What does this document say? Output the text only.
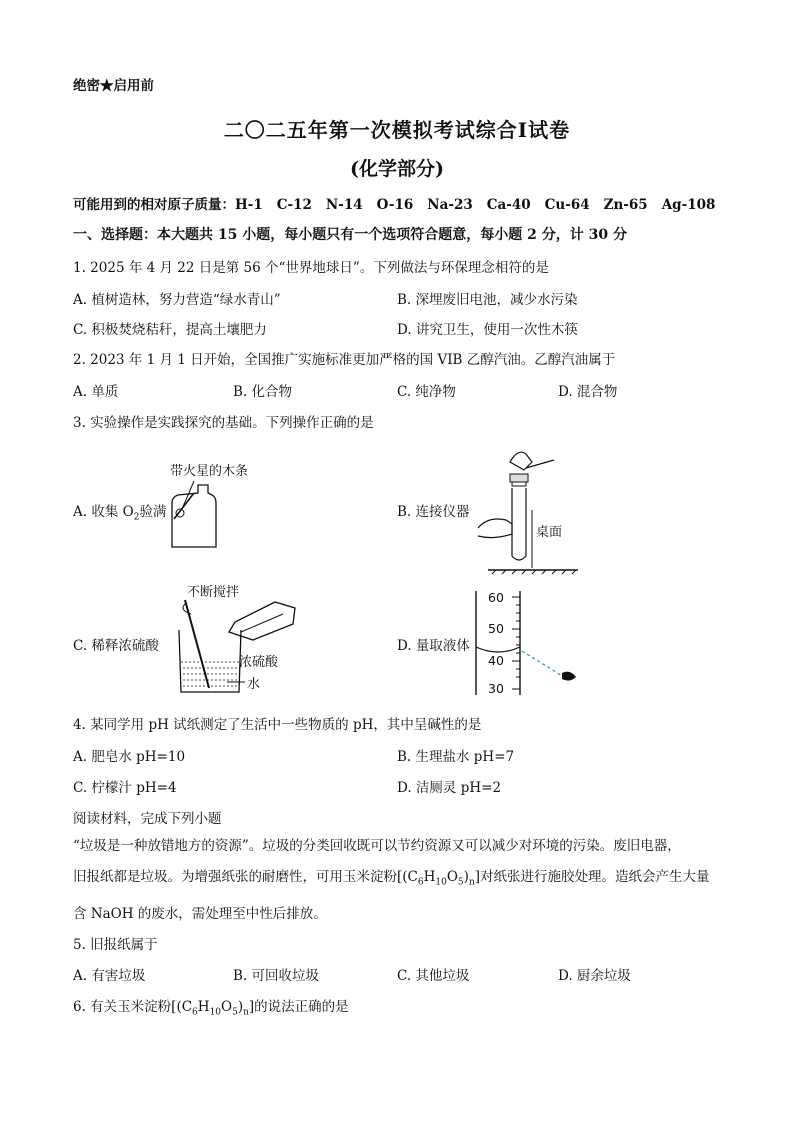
绝密★启用前
二〇二五年第一次模拟考试综合Ⅰ试卷
(化学部分)
可能用到的相对原子质量：H-1 C-12 N-14 O-16 Na-23 Ca-40 Cu-64 Zn-65 Ag-108
一、选择题：本大题共 15 小题，每小题只有一个选项符合题意，每小题 2 分，计 30 分
1. 2025 年 4 月 22 日是第 56 个“世界地球日”。下列做法与环保理念相符的是
A. 植树造林，努力营造“绿水青山”	B. 深埋废旧电池，减少水污染
C. 积极焚烧秸秆，提高土壤肥力	D. 讲究卫生，使用一次性木筷
2. 2023 年 1 月 1 日开始，全国推广实施标准更加严格的国 VIB 乙醇汽油。乙醇汽油属于
A. 单质	B. 化合物	C. 纯净物	D. 混合物
3. 实验操作是实践探究的基础。下列操作正确的是
A. 收集 $O_2$验满
带火星的木条
B. 连接仪器
桌面
C. 稀释浓硫酸
不断搅拌
浓硫酸
水
D. 量取液体
60
50
40
30
4. 某同学用 pH 试纸测定了生活中一些物质的 pH，其中呈碱性的是
A. 肥皂水 pH=10	B. 生理盐水 pH=7
C. 柠檬汁 pH=4	D. 洁厕灵 pH=2
阅读材料，完成下列小题
“垃圾是一种放错地方的资源”。垃圾的分类回收既可以节约资源又可以减少对环境的污染。废旧电器，
旧报纸都是垃圾。为增强纸张的耐磨性，可用玉米淀粉$[(C_6H_{10}O_5)_n]$对纸张进行施胶处理。造纸会产生大量
含 NaOH 的废水，需处理至中性后排放。
5. 旧报纸属于
A. 有害垃圾	B. 可回收垃圾	C. 其他垃圾	D. 厨余垃圾
6. 有关玉米淀粉$[(C_6H_{10}O_5)_n]$的说法正确的是
